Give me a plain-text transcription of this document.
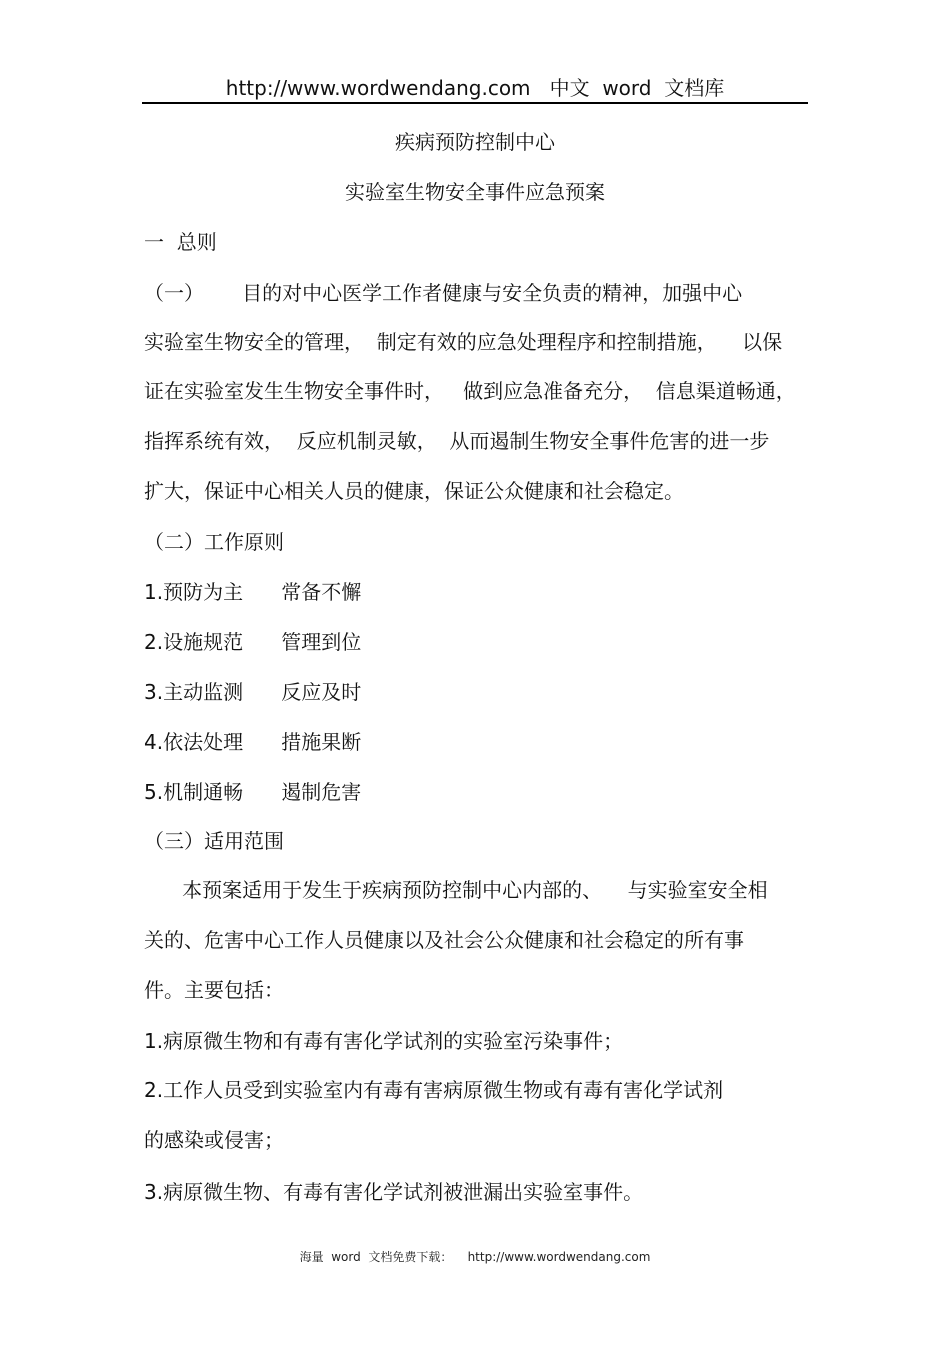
http://www.wordwendang.com   中文  word  文档库
疾病预防控制中心
实验室生物安全事件应急预案
一  总则
（一）      目的对中心医学工作者健康与安全负责的精神，加强中心
实验室生物安全的管理，  制定有效的应急处理程序和控制措施，    以保
证在实验室发生生物安全事件时，   做到应急准备充分，  信息渠道畅通，
指挥系统有效，  反应机制灵敏，  从而遏制生物安全事件危害的进一步
扩大，保证中心相关人员的健康，保证公众健康和社会稳定。
（二）工作原则
1.预防为主      常备不懈
2.设施规范      管理到位
3.主动监测      反应及时
4.依法处理      措施果断
5.机制通畅      遏制危害
（三）适用范围
本预案适用于发生于疾病预防控制中心内部的、    与实验室安全相
关的、危害中心工作人员健康以及社会公众健康和社会稳定的所有事
件。主要包括：
1.病原微生物和有毒有害化学试剂的实验室污染事件；
2.工作人员受到实验室内有毒有害病原微生物或有毒有害化学试剂
的感染或侵害；
3.病原微生物、有毒有害化学试剂被泄漏出实验室事件。
海量  word  文档免费下载：    http://www.wordwendang.com
